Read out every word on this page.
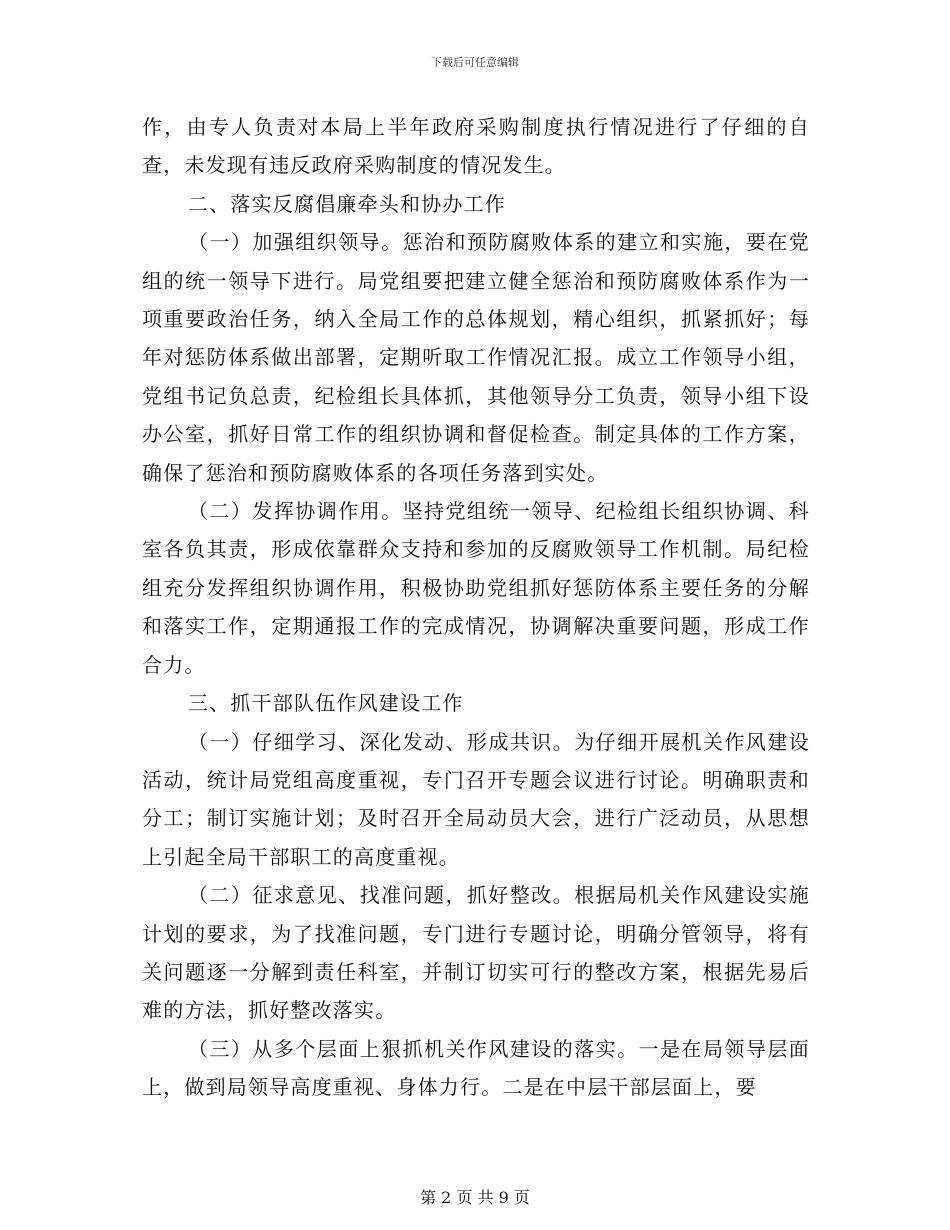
下载后可任意编辑

作，由专人负责对本局上半年政府采购制度执行情况进行了仔细的自查，未发现有违反政府采购制度的情况发生。

二、落实反腐倡廉牵头和协办工作

（一）加强组织领导。惩治和预防腐败体系的建立和实施，要在党组的统一领导下进行。局党组要把建立健全惩治和预防腐败体系作为一项重要政治任务，纳入全局工作的总体规划，精心组织，抓紧抓好；每年对惩防体系做出部署，定期听取工作情况汇报。成立工作领导小组，党组书记负总责，纪检组长具体抓，其他领导分工负责，领导小组下设办公室，抓好日常工作的组织协调和督促检查。制定具体的工作方案，确保了惩治和预防腐败体系的各项任务落到实处。

（二）发挥协调作用。坚持党组统一领导、纪检组长组织协调、科室各负其责，形成依靠群众支持和参加的反腐败领导工作机制。局纪检组充分发挥组织协调作用，积极协助党组抓好惩防体系主要任务的分解和落实工作，定期通报工作的完成情况，协调解决重要问题，形成工作合力。

三、抓干部队伍作风建设工作

（一）仔细学习、深化发动、形成共识。为仔细开展机关作风建设活动，统计局党组高度重视，专门召开专题会议进行讨论。明确职责和分工；制订实施计划；及时召开全局动员大会，进行广泛动员，从思想上引起全局干部职工的高度重视。

（二）征求意见、找准问题，抓好整改。根据局机关作风建设实施计划的要求，为了找准问题，专门进行专题讨论，明确分管领导，将有关问题逐一分解到责任科室，并制订切实可行的整改方案，根据先易后难的方法，抓好整改落实。

（三）从多个层面上狠抓机关作风建设的落实。一是在局领导层面上，做到局领导高度重视、身体力行。二是在中层干部层面上，要

第 2 页 共 9 页
